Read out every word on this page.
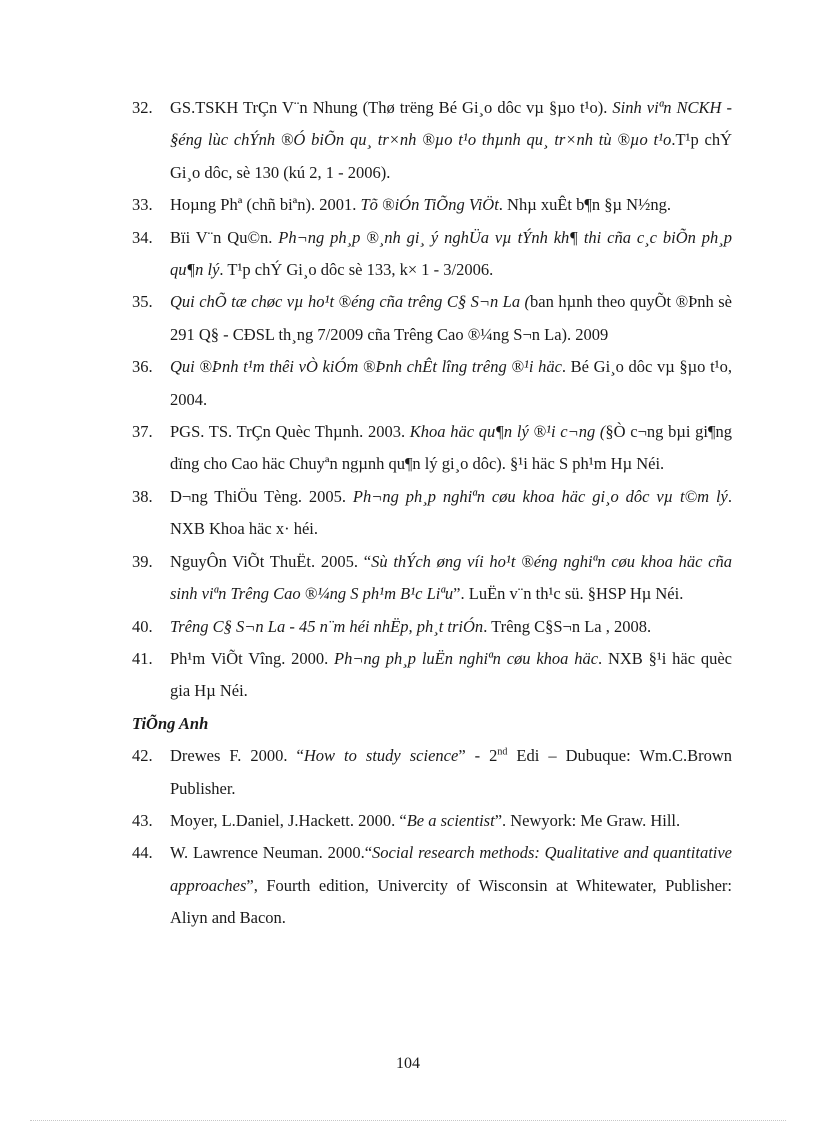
32.	GS.TSKH TrÇn V¨n Nhung (Thø trëng Bé Gi¸o dôc vµ §µo t¹o). Sinh viªn NCKH - §éng lùc chÝnh ®Ó biÕn qu¸ tr×nh ®µo t¹o thµnh qu¸ tr×nh tù ®µo t¹o.T¹p chÝ Gi¸o dôc, sè 130 (kú 2, 1 - 2006).
33.	Hoµng Phª (chñ biªn). 2001. Tõ ®iÓn TiÕng ViÖt. Nhµ xuÊt b¶n §µ N½ng.
34.	Bïi V¨n Qu©n. Ph¬ng ph¸p ®¸nh gi¸ ý nghÜa vµ tÝnh kh¶ thi cña c¸c biÕn ph¸p qu¶n lý. T¹p chÝ Gi¸o dôc sè 133, k× 1 - 3/2006.
35.	Qui chÕ tæ chøc vµ ho¹t ®éng cña trêng C§ S¬n La (ban hµnh theo quyÕt ®Þnh sè 291 Q§ - CĐSL th¸ng 7/2009 cña Trêng Cao ®¼ng S¬n La). 2009
36.	Qui ®Þnh t¹m thêi vÒ kiÓm ®Þnh chÊt lîng trêng ®¹i häc. Bé Gi¸o dôc vµ §µo t¹o, 2004.
37.	PGS. TS. TrÇn Quèc Thµnh. 2003. Khoa häc qu¶n lý ®¹i c¬ng (§Ò c¬ng bµi gi¶ng dïng cho Cao häc Chuyªn ngµnh qu¶n lý gi¸o dôc). §¹i häc S ph¹m Hµ Néi.
38.	D¬ng ThiÖu Tèng. 2005. Ph¬ng ph¸p nghiªn cøu khoa häc gi¸o dôc vµ t©m lý. NXB Khoa häc x· héi.
39.	NguyÔn ViÕt ThuËt. 2005. “Sù thÝch øng víi ho¹t ®éng nghiªn cøu khoa häc cña sinh viªn Trêng Cao ®¼ng S ph¹m B¹c Liªu”. LuËn v¨n th¹c sü. §HSP Hµ Néi.
40.	Trêng C§ S¬n La - 45 n¨m héi nhËp, ph¸t triÓn. Trêng C§S¬n La , 2008.
41.	Ph¹m ViÕt Vîng. 2000. Ph¬ng ph¸p luËn nghiªn cøu khoa häc. NXB §¹i häc quèc gia Hµ Néi.

TiÕng Anh

42.	Drewes F. 2000. “How to study science” - 2nd Edi – Dubuque: Wm.C.Brown Publisher.
43.	Moyer, L.Daniel, J.Hackett. 2000. “Be a scientist”. Newyork: Me Graw. Hill.
44.	W. Lawrence Neuman. 2000.“Social research methods: Qualitative and quantitative approaches”, Fourth edition, Univercity of Wisconsin at Whitewater, Publisher: Aliyn and Bacon.
104
